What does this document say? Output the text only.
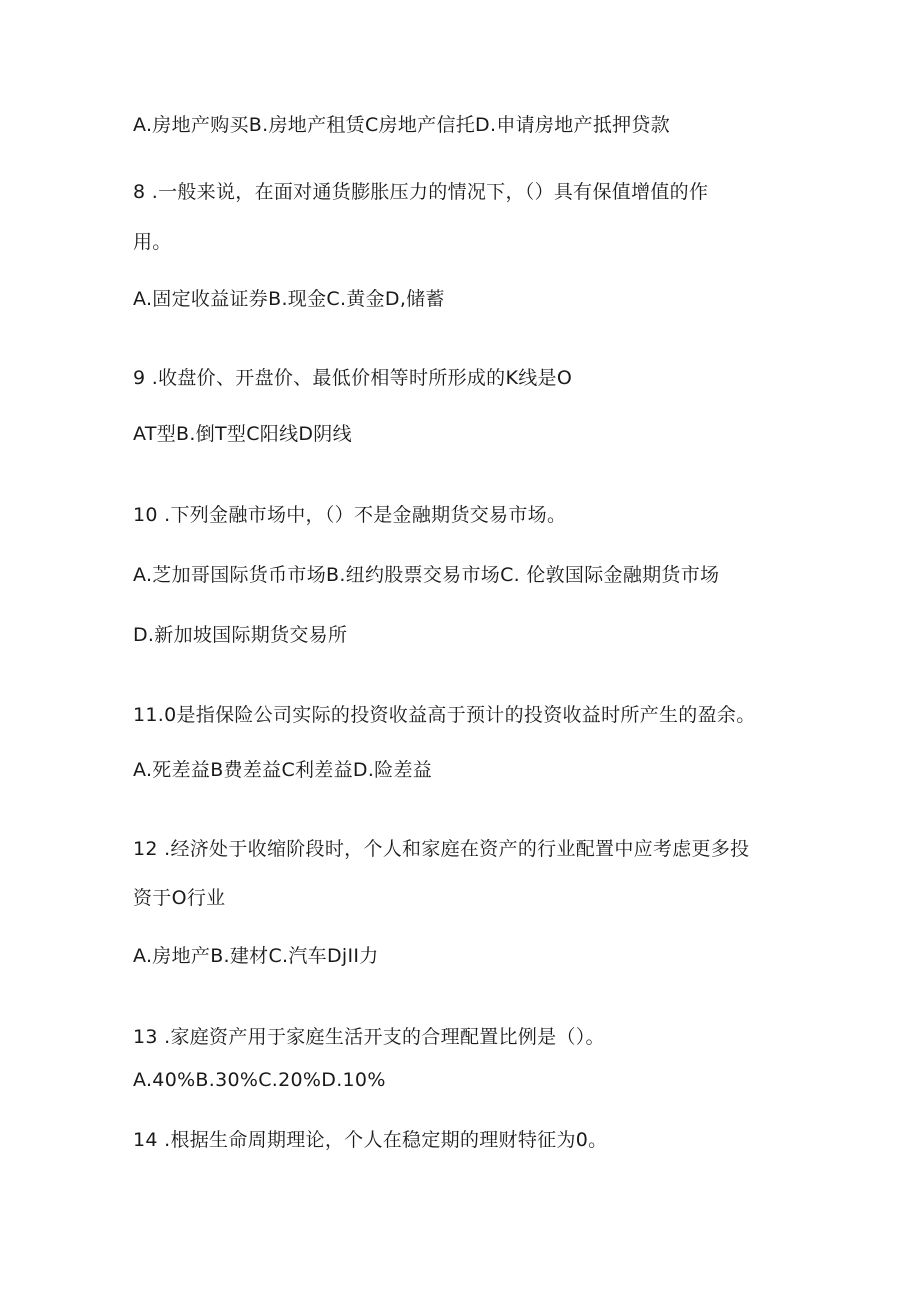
A.房地产购买B.房地产租赁C房地产信托D.申请房地产抵押贷款
8 .一般来说，在面对通货膨胀压力的情况下，（）具有保值增值的作
用。
A.固定收益证券B.现金C.黄金D,储蓄
9 .收盘价、开盘价、最低价相等时所形成的K线是O
AT型B.倒T型C阳线D阴线
10 .下列金融市场中，（）不是金融期货交易市场。
A.芝加哥国际货币市场B.纽约股票交易市场C. 伦敦国际金融期货市场
D.新加坡国际期货交易所
11.0是指保险公司实际的投资收益高于预计的投资收益时所产生的盈余。
A.死差益B费差益C利差益D.险差益
12 .经济处于收缩阶段时，个人和家庭在资产的行业配置中应考虑更多投
资于O行业
A.房地产B.建材C.汽车DjII力
13 .家庭资产用于家庭生活开支的合理配置比例是（）。
A.40%B.30%C.20%D.10%
14 .根据生命周期理论，个人在稳定期的理财特征为0。
